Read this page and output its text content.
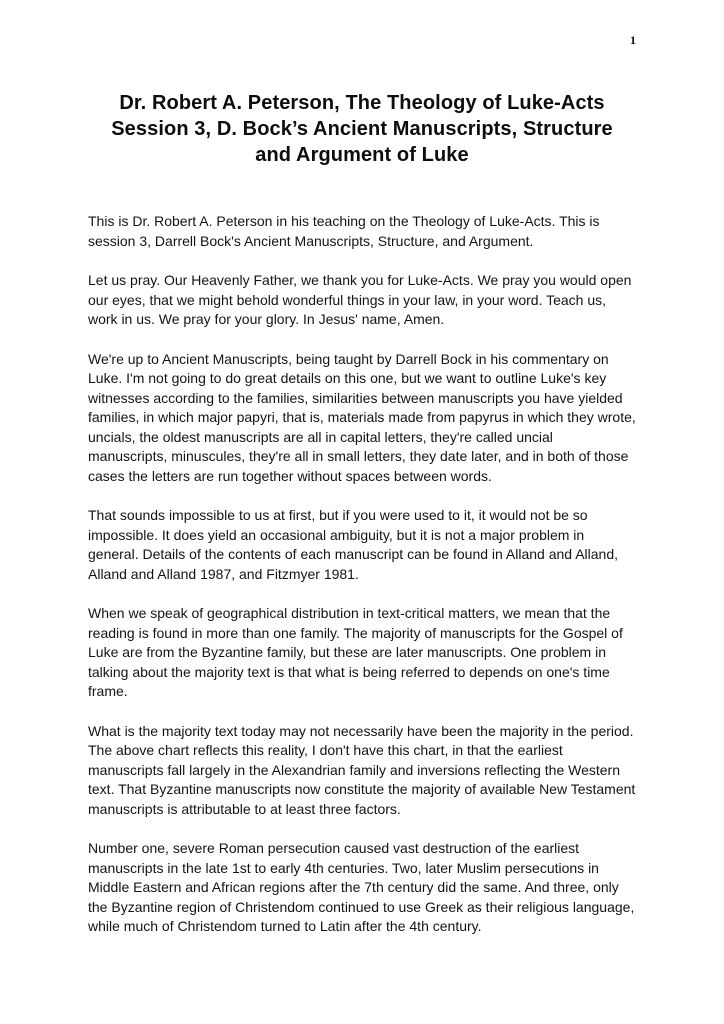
1
Dr. Robert A. Peterson, The Theology of Luke-Acts
Session 3, D. Bock’s Ancient Manuscripts, Structure
and Argument of Luke

This is Dr. Robert A. Peterson in his teaching on the Theology of Luke-Acts. This is session 3, Darrell Bock's Ancient Manuscripts, Structure, and Argument.

Let us pray. Our Heavenly Father, we thank you for Luke-Acts. We pray you would open our eyes, that we might behold wonderful things in your law, in your word. Teach us, work in us. We pray for your glory. In Jesus' name, Amen.

We're up to Ancient Manuscripts, being taught by Darrell Bock in his commentary on Luke. I'm not going to do great details on this one, but we want to outline Luke's key witnesses according to the families, similarities between manuscripts you have yielded families, in which major papyri, that is, materials made from papyrus in which they wrote, uncials, the oldest manuscripts are all in capital letters, they're called uncial manuscripts, minuscules, they're all in small letters, they date later, and in both of those cases the letters are run together without spaces between words.

That sounds impossible to us at first, but if you were used to it, it would not be so impossible. It does yield an occasional ambiguity, but it is not a major problem in general. Details of the contents of each manuscript can be found in Alland and Alland, Alland and Alland 1987, and Fitzmyer 1981.

When we speak of geographical distribution in text-critical matters, we mean that the reading is found in more than one family. The majority of manuscripts for the Gospel of Luke are from the Byzantine family, but these are later manuscripts. One problem in talking about the majority text is that what is being referred to depends on one's time frame.

What is the majority text today may not necessarily have been the majority in the period. The above chart reflects this reality, I don't have this chart, in that the earliest manuscripts fall largely in the Alexandrian family and inversions reflecting the Western text. That Byzantine manuscripts now constitute the majority of available New Testament manuscripts is attributable to at least three factors.

Number one, severe Roman persecution caused vast destruction of the earliest manuscripts in the late 1st to early 4th centuries. Two, later Muslim persecutions in Middle Eastern and African regions after the 7th century did the same. And three, only the Byzantine region of Christendom continued to use Greek as their religious language, while much of Christendom turned to Latin after the 4th century.
